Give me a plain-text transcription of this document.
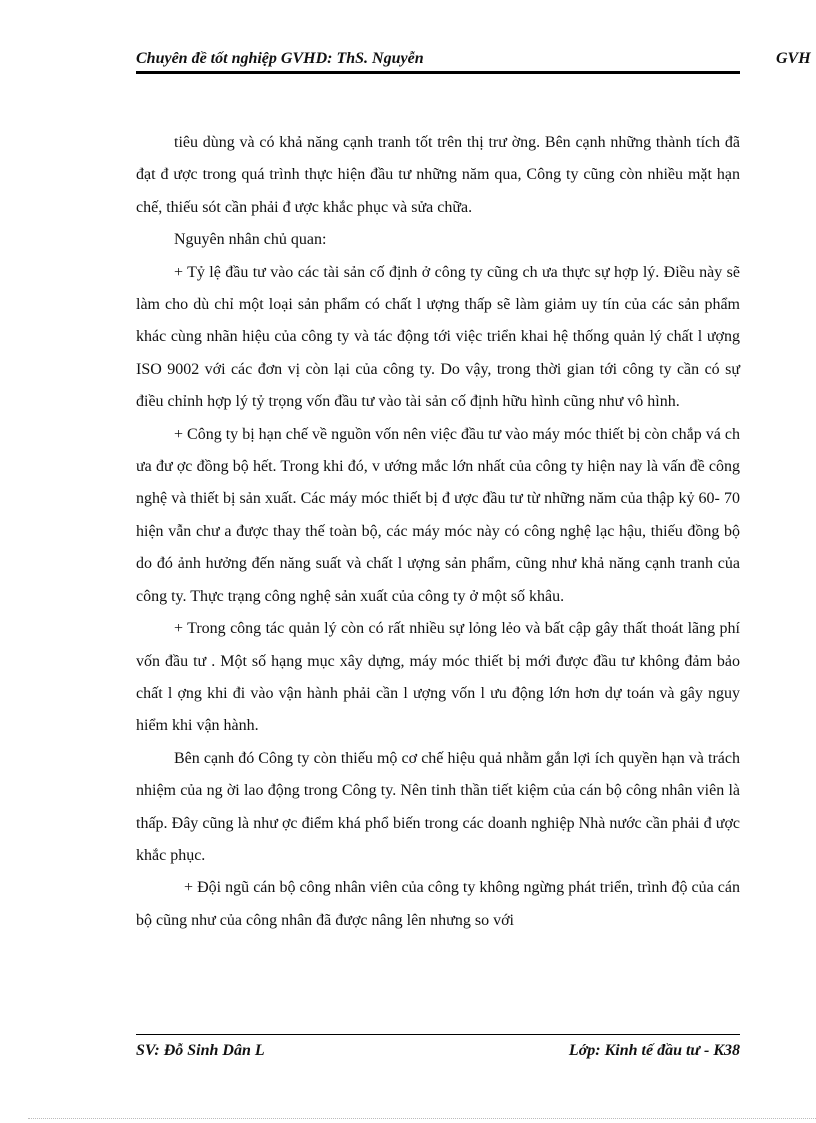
Chuyên đề tốt nghiệp GVHD: ThS. Nguyễn	GVH

tiêu dùng và có khả năng cạnh tranh tốt trên thị trư ờng. Bên cạnh những thành tích đã đạt đ ược trong quá trình thực hiện đầu tư những năm qua, Công ty cũng còn nhiều mặt hạn chế, thiếu sót cần phải đ ược khắc phục và sửa chữa.

Nguyên nhân chủ quan:

+ Tỷ lệ đầu tư vào các tài sản cố định ở công ty cũng ch ưa thực sự hợp lý. Điều này sẽ làm cho dù chỉ một loại sản phẩm có chất l ượng thấp sẽ làm giảm uy tín của các sản phẩm khác cùng nhãn hiệu của công ty và tác động tới việc triển khai hệ thống quản lý chất l ượng ISO 9002 với các đơn vị còn lại của công ty. Do vậy, trong thời gian tới công ty cần có sự điều chỉnh hợp lý tỷ trọng vốn đầu tư vào tài sản cố định hữu hình cũng như vô hình.

+ Công ty bị hạn chế về nguồn vốn nên việc đầu tư vào máy móc thiết bị còn chắp vá ch ưa đư ợc đồng bộ hết. Trong khi đó, v ướng mắc lớn nhất của công ty hiện nay là vấn đề công nghệ và thiết bị sản xuất. Các máy móc thiết bị đ ược đầu tư từ những năm của thập kỷ 60- 70 hiện vẫn chư a được thay thế toàn bộ, các máy móc này có công nghệ lạc hậu, thiếu đồng bộ do đó ảnh hưởng đến năng suất và chất l ượng sản phẩm, cũng như khả năng cạnh tranh của công ty. Thực trạng công nghệ sản xuất của công ty ở một số khâu.

+ Trong công tác quản lý còn có rất nhiều sự lỏng lẻo và bất cập gây thất thoát lãng phí vốn đầu tư . Một số hạng mục xây dựng, máy móc thiết bị mới được đầu tư không đảm bảo chất l ợng khi đi vào vận hành phải cần l ượng vốn l ưu động lớn hơn dự toán và gây nguy hiểm khi vận hành.

Bên cạnh đó Công ty còn thiếu mộ cơ chế hiệu quả nhằm gắn lợi ích quyền hạn và trách nhiệm của ng ời lao động trong Công ty. Nên tinh thần tiết kiệm của cán bộ công nhân viên là thấp. Đây cũng là như ợc điểm khá phổ biến trong các doanh nghiệp Nhà nước cần phải đ ược khắc phục.

+ Đội ngũ cán bộ công nhân viên của công ty không ngừng phát triển, trình độ của cán bộ cũng như của công nhân đã được nâng lên nhưng so với

SV: Đỗ Sinh Dân L	Lớp: Kinh tế đầu tư - K38
